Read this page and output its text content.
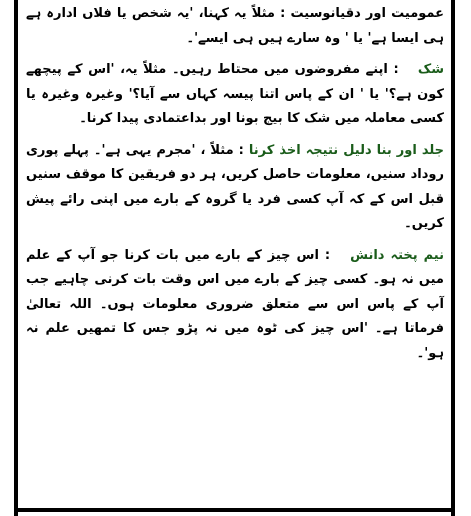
عمومیت اور دقیانوسیت : مثلاً یہ کہنا، 'یہ شخص یا فلاں ادارہ ہے ہی ایسا ہے' یا ' وہ سارے ہیں ہی ایسے'۔

شک  : اپنے مفروضوں میں محتاط رہیں۔ مثلاً یہ، 'اس کے پیچھے کون ہے؟' یا ' ان کے پاس اتنا پیسہ کہاں سے آیا؟' وغیرہ وغیرہ یا کسی معاملہ میں شک کا بیج بونا اور بداعتمادی پیدا کرنا۔

جلد اور بنا دلیل نتیجہ اخذ کرنا : مثلاً ، 'مجرم یہی ہے'۔ پہلے پوری روداد سنیں، معلومات حاصل کریں، ہر دو فریقین کا موقف سنیں قبل اس کے کہ آپ کسی فرد یا گروہ کے بارے میں اپنی رائے پیش کریں۔

نیم پختہ دانش  : اس چیز کے بارے میں بات کرنا جو آپ کے علم میں نہ ہو۔ کسی چیز کے بارے میں اس وقت بات کرنی چاہیے جب آپ کے پاس اس سے متعلق ضروری معلومات ہوں۔ اللہ تعالیٰ فرماتا ہے۔ 'اس چیز کی ٹوہ میں نہ پڑو جس کا تمھیں علم نہ ہو'۔
